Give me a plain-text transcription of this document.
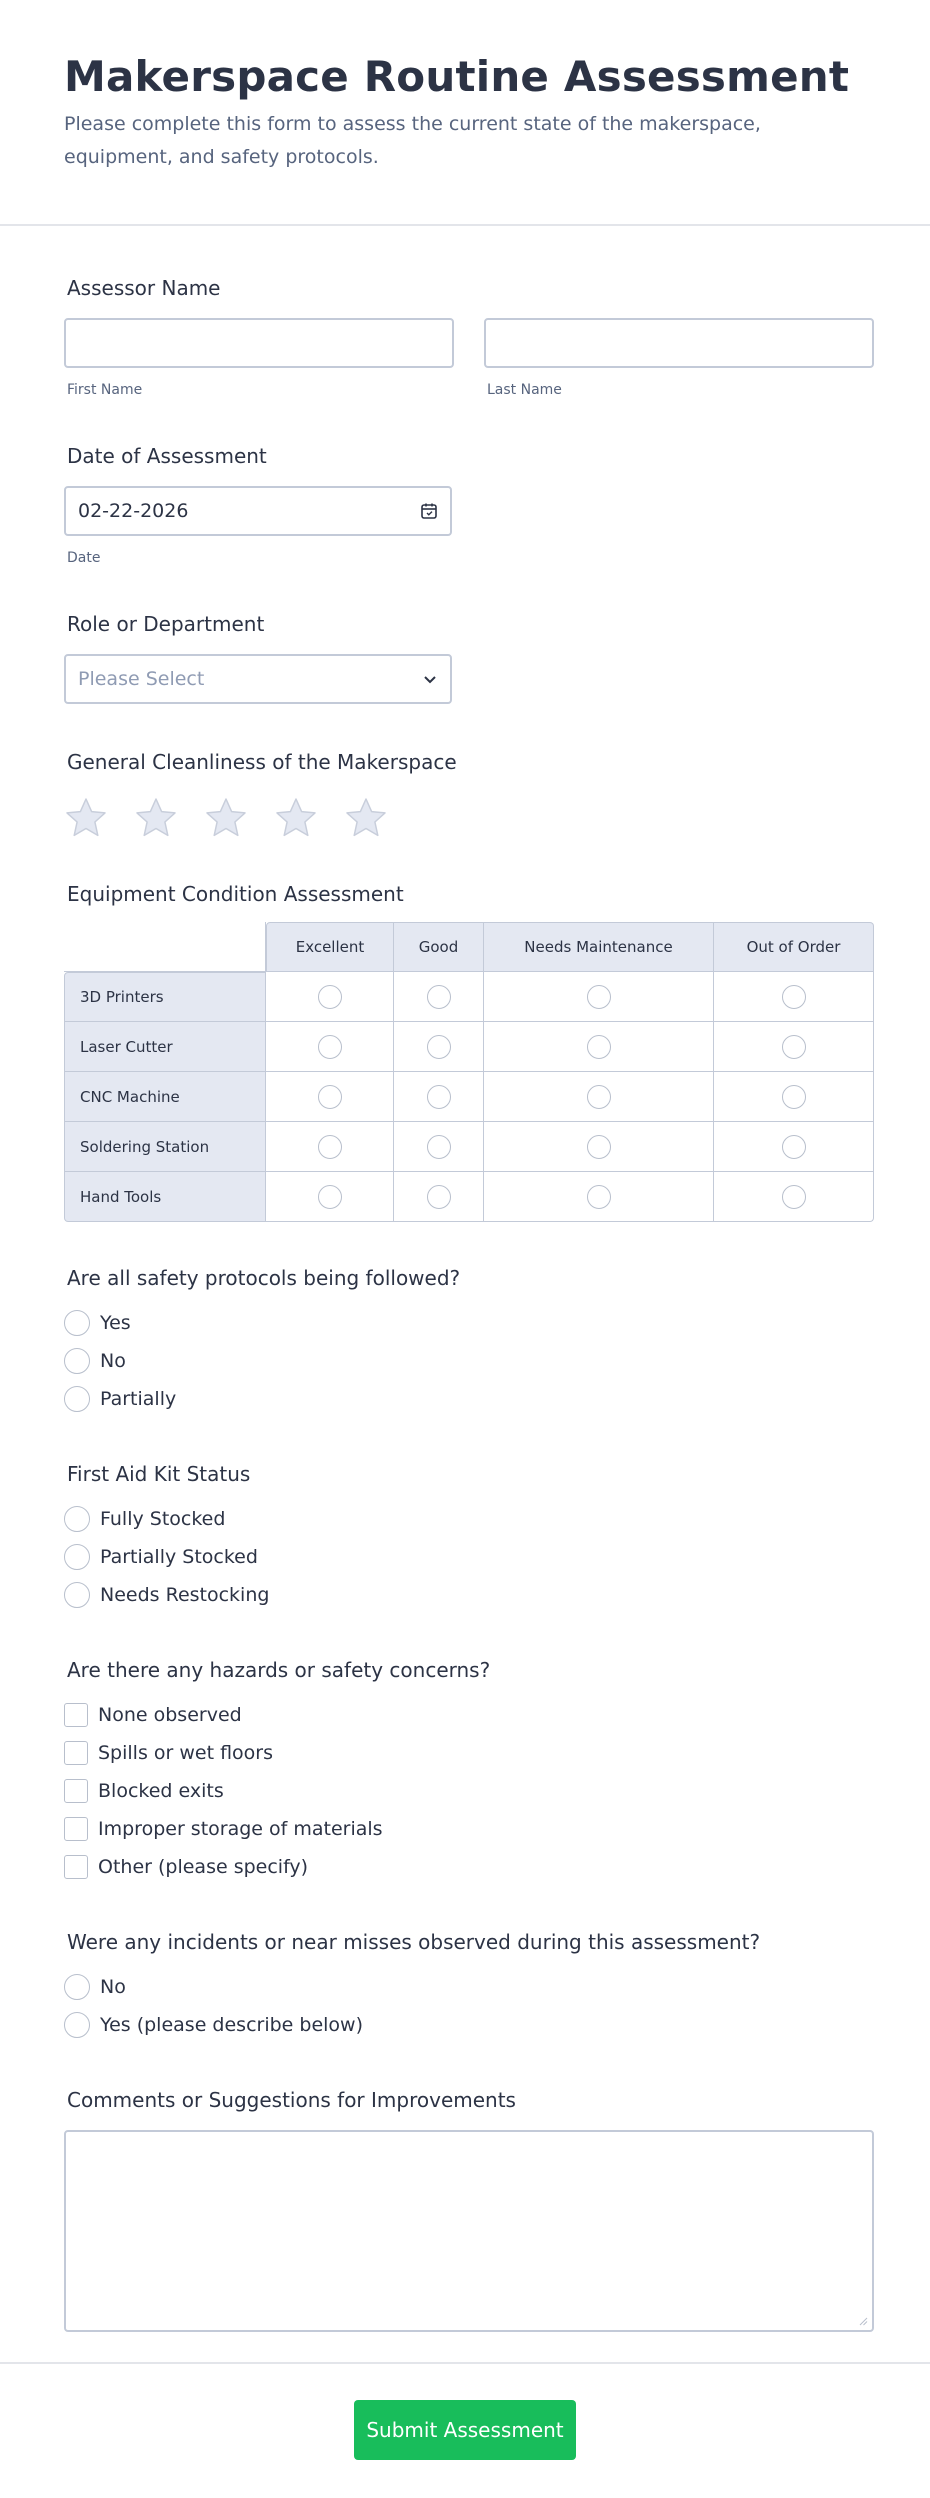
Makerspace Routine Assessment

Please complete this form to assess the current state of the makerspace, equipment, and safety protocols.

Assessor Name
First Name	Last Name
Date of Assessment
02-22-2026
Date
Role or Department
Please Select
General Cleanliness of the Makerspace
Equipment Condition Assessment
	Excellent	Good	Needs Maintenance	Out of Order
3D Printers				
Laser Cutter				
CNC Machine				
Soldering Station				
Hand Tools				
Are all safety protocols being followed?
Yes
No
Partially
First Aid Kit Status
Fully Stocked
Partially Stocked
Needs Restocking
Are there any hazards or safety concerns?
None observed
Spills or wet floors
Blocked exits
Improper storage of materials
Other (please specify)
Were any incidents or near misses observed during this assessment?
No
Yes (please describe below)
Comments or Suggestions for Improvements
Submit Assessment
